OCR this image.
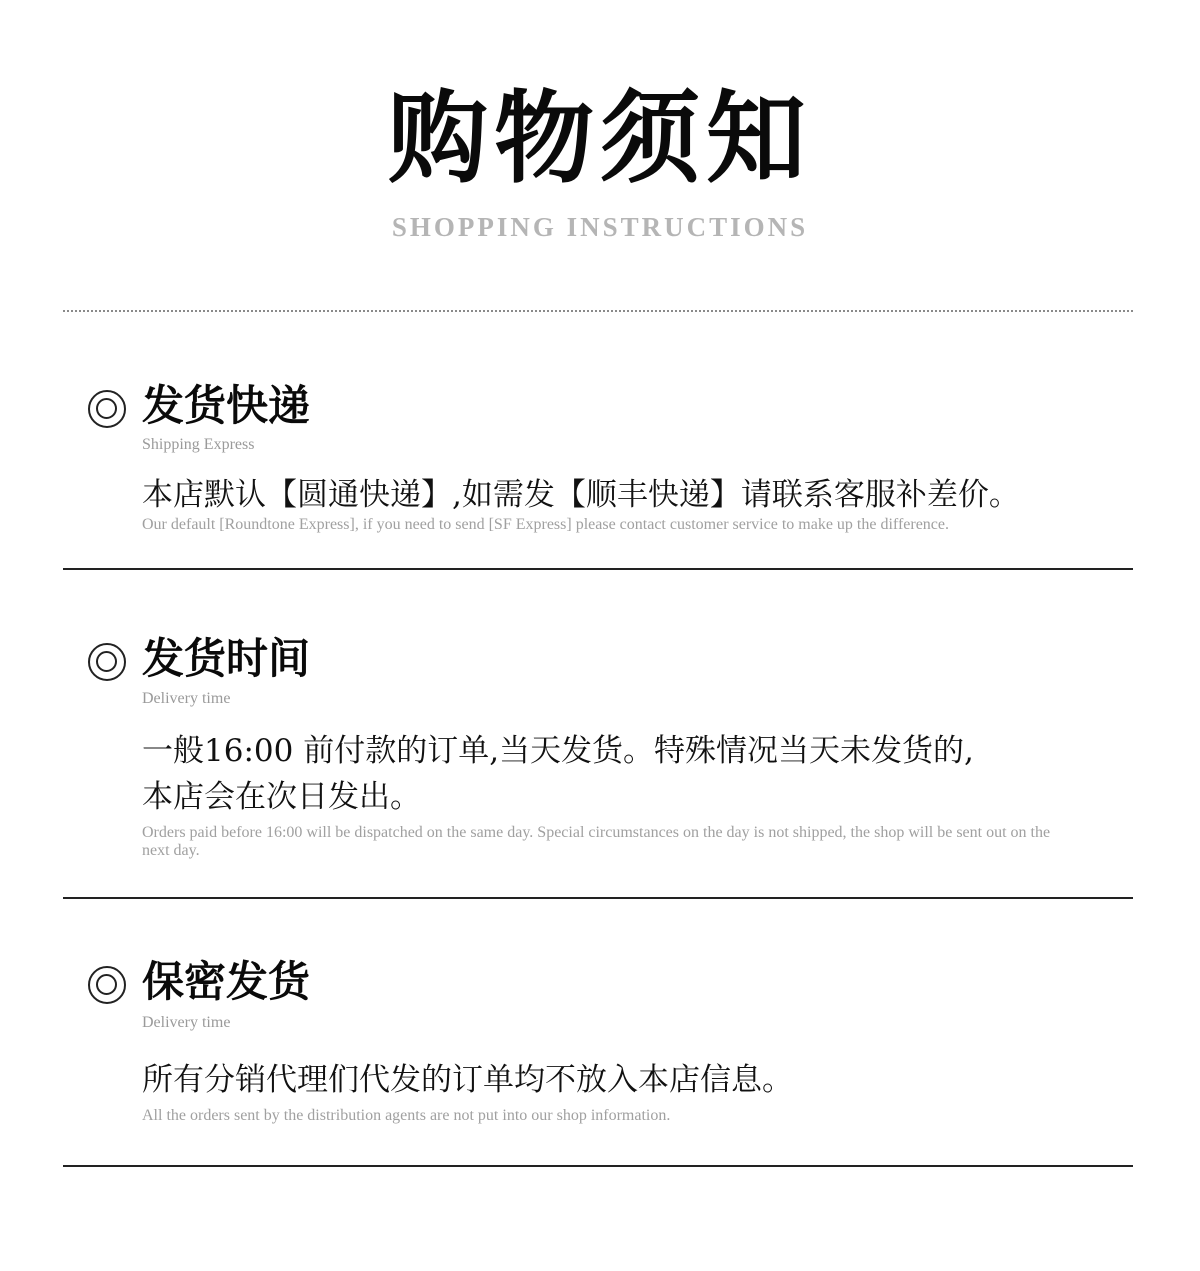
购物须知
SHOPPING INSTRUCTIONS
发货快递
Shipping Express
本店默认【圆通快递】,如需发【顺丰快递】请联系客服补差价。
Our default [Roundtone Express], if you need to send [SF Express] please contact customer service to make up the difference.
发货时间
Delivery time
一般16:00 前付款的订单,当天发货。特殊情况当天未发货的,
本店会在次日发出。
Orders paid before 16:00 will be dispatched on the same day. Special circumstances on the day is not shipped, the shop will be sent out on the next day.
保密发货
Delivery time
所有分销代理们代发的订单均不放入本店信息。
All the orders sent by the distribution agents are not put into our shop information.
